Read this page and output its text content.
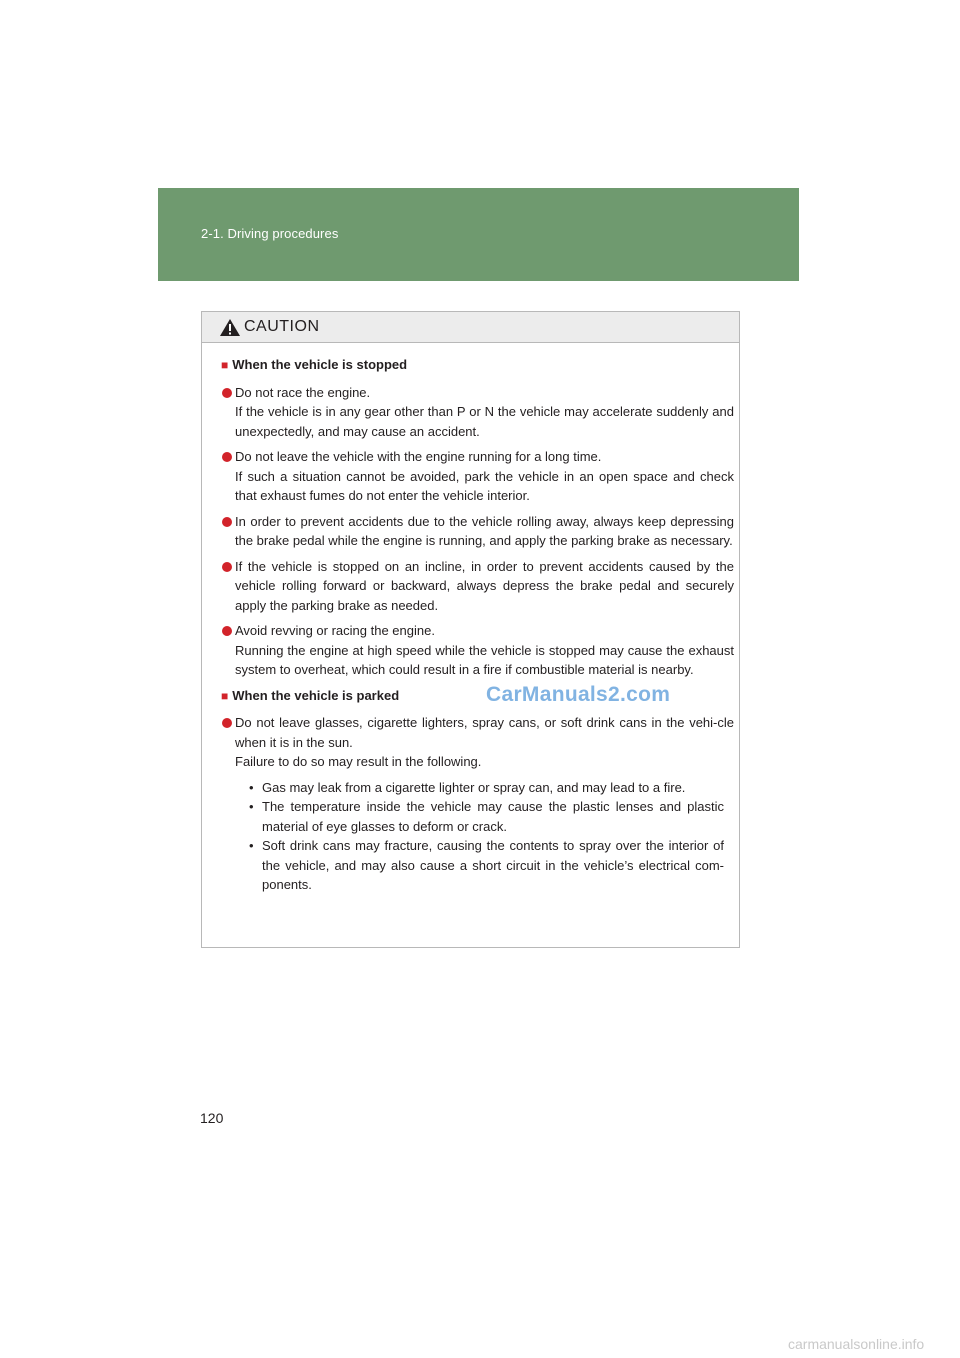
2-1. Driving procedures
CAUTION
■ When the vehicle is stopped
Do not race the engine.
If the vehicle is in any gear other than P or N the vehicle may accelerate suddenly and unexpectedly, and may cause an accident.
Do not leave the vehicle with the engine running for a long time.
If such a situation cannot be avoided, park the vehicle in an open space and check that exhaust fumes do not enter the vehicle interior.
In order to prevent accidents due to the vehicle rolling away, always keep depressing the brake pedal while the engine is running, and apply the parking brake as necessary.
If the vehicle is stopped on an incline, in order to prevent accidents caused by the vehicle rolling forward or backward, always depress the brake pedal and securely apply the parking brake as needed.
Avoid revving or racing the engine.
Running the engine at high speed while the vehicle is stopped may cause the exhaust system to overheat, which could result in a fire if combustible material is nearby.
■ When the vehicle is parked
Do not leave glasses, cigarette lighters, spray cans, or soft drink cans in the vehi-cle when it is in the sun.
Failure to do so may result in the following.
• Gas may leak from a cigarette lighter or spray can, and may lead to a fire.
• The temperature inside the vehicle may cause the plastic lenses and plastic material of eye glasses to deform or crack.
• Soft drink cans may fracture, causing the contents to spray over the interior of the vehicle, and may also cause a short circuit in the vehicle’s electrical com-ponents.
CarManuals2.com
120
carmanualsonline.info
